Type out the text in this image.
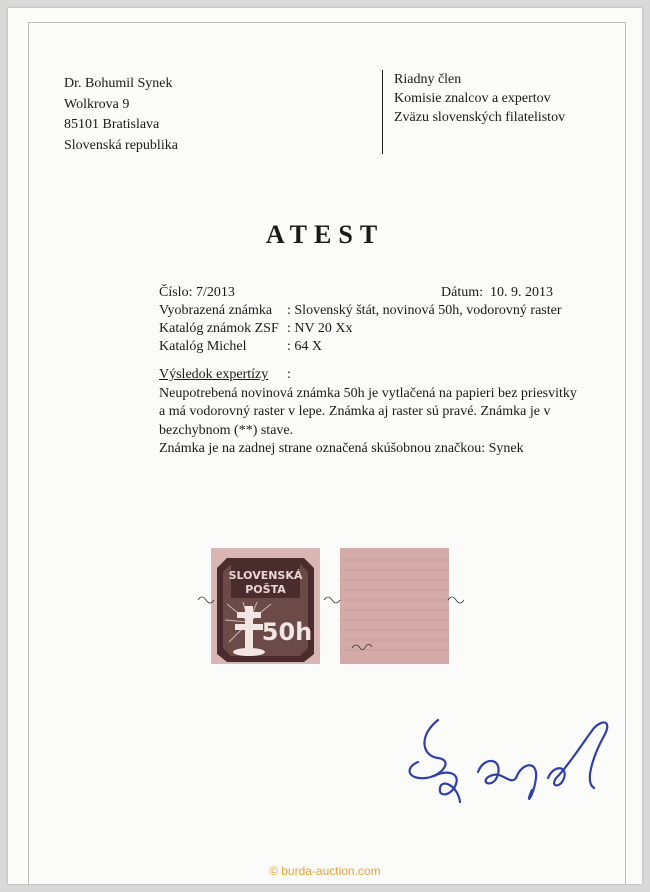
Dr. Bohumil Synek
Wolkrova 9
85101 Bratislava
Slovenská republika
Riadny člen
Komisie znalcov a expertov
Zväzu slovenských filatelistov
ATEST
Číslo: 7/2013	Dátum: 10. 9. 2013
Vyobrazená známka : Slovenský štát, novinová 50h, vodorovný raster
Katalóg známok ZSF : NV 20 Xx
Katalóg Michel	: 64 X
Výsledok expertízy :
Neupotrebená novinová známka 50h je vytlačená na papieri bez priesvitky
a má vodorovný raster v lepe. Známka aj raster sú pravé. Známka je v
bezchybnom (**) stave.
Známka je na zadnej strane označená skúšobnou značkou: Synek
SLOVENSKÁ
POŠTA
50h
© burda-auction.com
